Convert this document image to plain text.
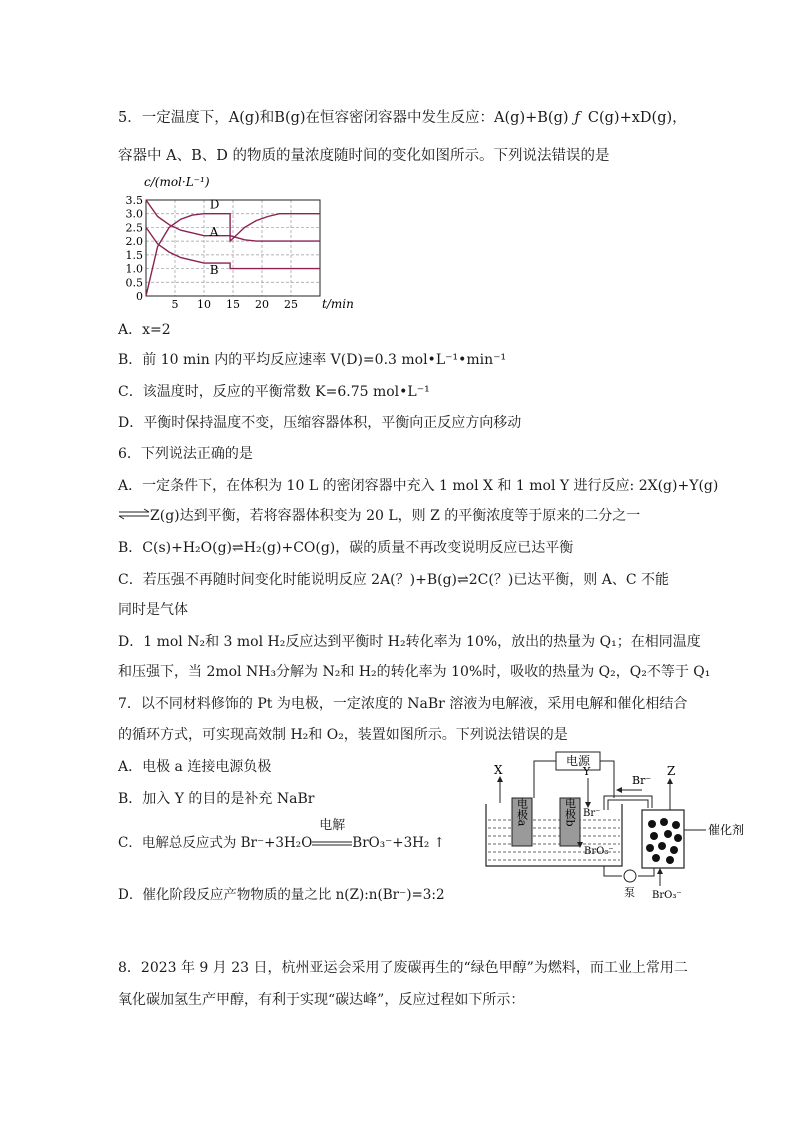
5．一定温度下，A(g)和B(g)在恒容密闭容器中发生反应：A(g)+B(g) ƒ C(g)+xD(g)，
容器中 A、B、D 的物质的量浓度随时间的变化如图所示。下列说法错误的是
0
0.5
1.0
1.5
2.0
2.5
3.0
3.5
5 10 15 20 25
c/(mol·L⁻¹)
t/min
D
A
B
A．x=2
B．前 10 min 内的平均反应速率 V(D)=0.3 mol•L⁻¹•min⁻¹
C．该温度时，反应的平衡常数 K=6.75 mol•L⁻¹
D．平衡时保持温度不变，压缩容器体积，平衡向正反应方向移动
6．下列说法正确的是
A．一定条件下，在体积为 10 L 的密闭容器中充入 1 mol X 和 1 mol Y 进行反应: 2X(g)+Y(g)
⇌Z(g)达到平衡，若将容器体积变为 20 L，则 Z 的平衡浓度等于原来的二分之一
B．C(s)+H₂O(g)⇌H₂(g)+CO(g)，碳的质量不再改变说明反应已达平衡
C．若压强不再随时间变化时能说明反应 2A(？)+B(g)⇌2C(？)已达平衡，则 A、C 不能
同时是气体
D．1 mol N₂和 3 mol H₂反应达到平衡时 H₂转化率为 10%，放出的热量为 Q₁；在相同温度
和压强下，当 2mol NH₃分解为 N₂和 H₂的转化率为 10%时，吸收的热量为 Q₂，Q₂不等于 Q₁
7．以不同材料修饰的 Pt 为电极，一定浓度的 NaBr 溶液为电解液，采用电解和催化相结合
的循环方式，可实现高效制 H₂和 O₂，装置如图所示。下列说法错误的是
A．电极 a 连接电源负极
B．加入 Y 的目的是补充 NaBr
C．电解总反应式为 Br⁻+3H₂O
电解
BrO₃⁻+3H₂ ↑
D．催化阶段反应产物物质的量之比 n(Z):n(Br⁻)=3:2
电源
X	Y
电极a	电极b Br⁻
BrO₃⁻
Br⁻
Z
催化剂
泵 BrO₃⁻
8．2023 年 9 月 23 日，杭州亚运会采用了废碳再生的“绿色甲醇”为燃料，而工业上常用二
氧化碳加氢生产甲醇，有利于实现“碳达峰”，反应过程如下所示：
